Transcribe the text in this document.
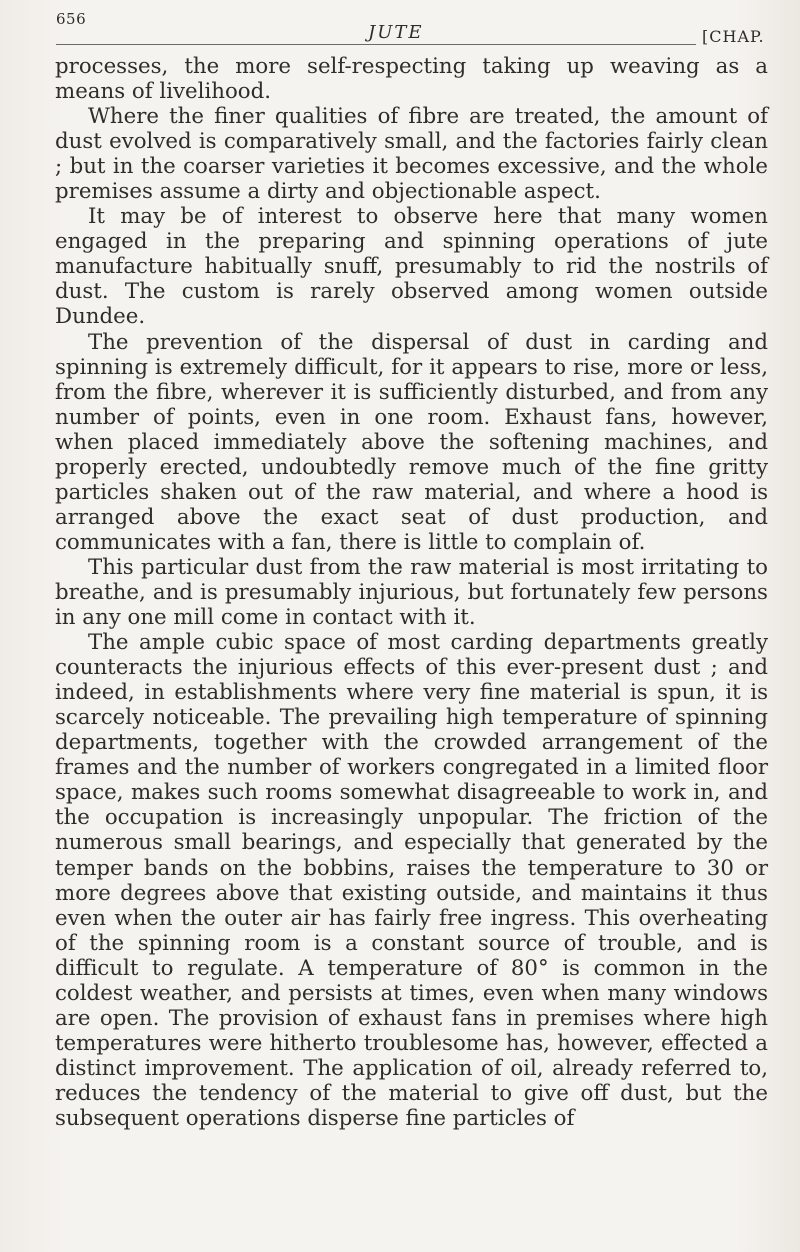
656
JUTE	[CHAP.

processes, the more self-respecting taking up weaving as a means of livelihood.

Where the finer qualities of fibre are treated, the amount of dust evolved is comparatively small, and the factories fairly clean ; but in the coarser varieties it becomes excessive, and the whole premises assume a dirty and objectionable aspect.

It may be of interest to observe here that many women engaged in the preparing and spinning operations of jute manufacture habitually snuff, presumably to rid the nostrils of dust. The custom is rarely observed among women outside Dundee.

The prevention of the dispersal of dust in carding and spinning is extremely difficult, for it appears to rise, more or less, from the fibre, wherever it is sufficiently disturbed, and from any number of points, even in one room. Exhaust fans, however, when placed immediately above the softening machines, and properly erected, undoubtedly remove much of the fine gritty particles shaken out of the raw material, and where a hood is arranged above the exact seat of dust production, and communicates with a fan, there is little to complain of.

This particular dust from the raw material is most irritating to breathe, and is presumably injurious, but fortunately few persons in any one mill come in contact with it.

The ample cubic space of most carding departments greatly counteracts the injurious effects of this ever-present dust ; and indeed, in establishments where very fine material is spun, it is scarcely noticeable. The prevailing high temperature of spinning departments, together with the crowded arrangement of the frames and the number of workers congregated in a limited floor space, makes such rooms somewhat disagreeable to work in, and the occupation is increasingly unpopular. The friction of the numerous small bearings, and especially that generated by the temper bands on the bobbins, raises the temperature to 30 or more degrees above that existing outside, and maintains it thus even when the outer air has fairly free ingress. This overheating of the spinning room is a constant source of trouble, and is difficult to regulate. A temperature of 80° is common in the coldest weather, and persists at times, even when many windows are open. The provision of exhaust fans in premises where high temperatures were hitherto troublesome has, however, effected a distinct improvement. The application of oil, already referred to, reduces the tendency of the material to give off dust, but the subsequent operations disperse fine particles of
